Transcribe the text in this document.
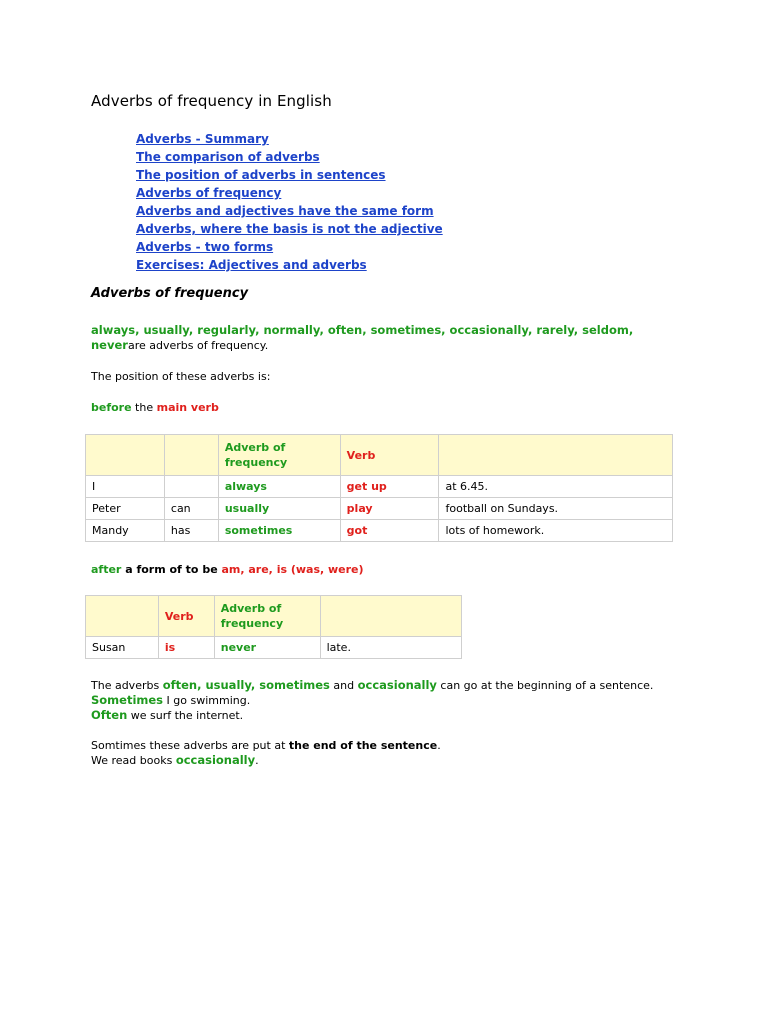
Adverbs of frequency in English
Adverbs - Summary
The comparison of adverbs
The position of adverbs in sentences
Adverbs of frequency
Adverbs and adjectives have the same form
Adverbs, where the basis is not the adjective
Adverbs - two forms
Exercises: Adjectives and adverbs
Adverbs of frequency

always, usually, regularly, normally, often, sometimes, occasionally, rarely, seldom,
neverare adverbs of frequency.

The position of these adverbs is:

before the main verb

		Adverb of frequency	Verb	
I		always	get up	at 6.45.
Peter	can	usually	play	football on Sundays.
Mandy	has	sometimes	got	lots of homework.

after a form of to be am, are, is (was, were)

	Verb	Adverb of frequency	
Susan	is	never	late.

The adverbs often, usually, sometimes and occasionally can go at the beginning of a sentence.
Sometimes I go swimming.
Often we surf the internet.

Somtimes these adverbs are put at the end of the sentence.
We read books occasionally.
